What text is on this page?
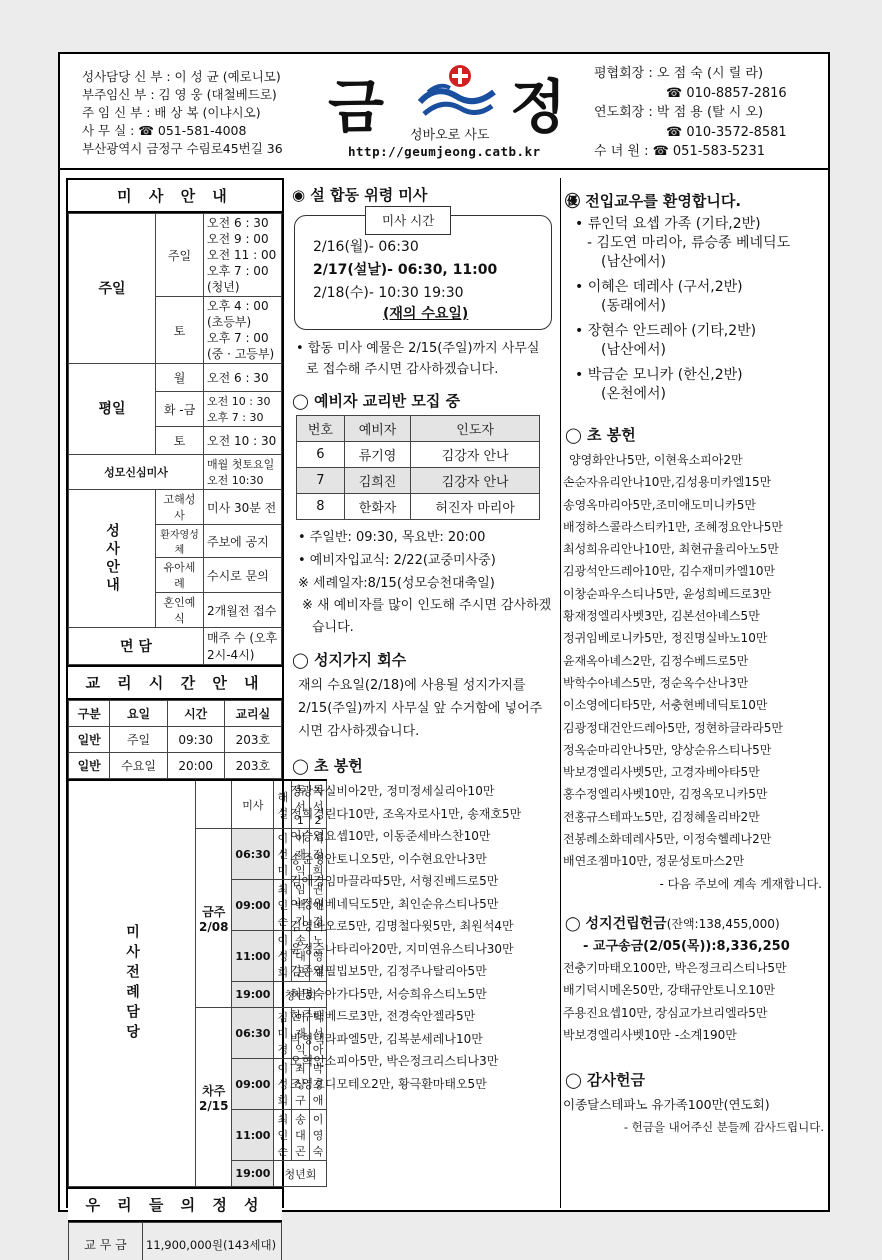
성사담당 신 부 : 이 성 균 (예로니모)
부주임신 부 : 김 영 웅 (대철베드로)
주 임 신 부 : 배 상 복 (이냐시오)
사 무 실 : ☎ 051-581-4008
부산광역시 금정구 수림로45번길 36
금 정
성바오로 사도
http://geumjeong.catb.kr
평협회장 : 오 점 숙 (시 릴 라)
☎ 010-8857-2816
연도회장 : 박 점 용 (탈 시 오)
☎ 010-3572-8581
수 녀 원 : ☎ 051-583-5231
미 사 안 내
주일	주일	오전 6 : 30
오전 9 : 00
오전 11 : 00
오후 7 : 00 (청년)

	토	오후 4 : 00 (초등부)
오후 7 : 00 (중 · 고등부)

평일	월	오전 6 : 30
	화 -금	오전 10 : 30 오후 7 : 30
	토	오전 10 : 30
성모신심미사		매월 첫토요일 오전 10:30
성사안내	고해성사	미사 30분 전
	환자영성체	주보에 공지
	유아세례	수시로 문의
	혼인예식	2개월전 접수
면 담		매주 수 (오후2시-4시)
교 리 시 간 안 내
구분	요일	시간	교리실
일반	주일	09:30	203호
일반	수요일	20:00	203호
미사전례담당		미사	해설	독서1	독서2
	금주 2/08	06:30	이선미	이재익	서정희
		09:00	최인순	임백기	권애경
		11:00	이성희	송대곤	노영재
		19:00	청년회		
	차주 2/15	06:30	김미경	이재익	박서아
		09:00	이성희	최상구	박경애
		11:00	최인순	송대곤	이영숙
		19:00	청년회		
우 리 들 의 정 성
교 무 금	11,900,000원(143세대)

◉ 설 합동 위령 미사
미사 시간
2/16(월)- 06:30
2/17(설날)- 06:30, 11:00
2/18(수)- 10:30 19:30
(재의 수요일)
• 합동 미사 예물은 2/15(주일)까지 사무실로 접수해 주시면 감사하겠습니다.
◯ 예비자 교리반 모집 중
번호	예비자	인도자
6	류기영	김강자 안나
7	김희진	김강자 안나
8	한화자	허진자 마리아
• 주일반: 09:30, 목요반: 20:00
• 예비자입교식: 2/22(교중미사중)
※ 세례일자:8/15(성모승천대축일)
※ 새 예비자를 많이 인도해 주시면 감사하겠습니다.
◯ 성지가지 회수
재의 수요일(2/18)에 사용될 성지가지를 2/15(주일)까지 사무실 앞 수거함에 넣어주시면 감사하겠습니다.
◯ 초 봉헌
정광자실비아2만, 정미정세실리아10만
정희경린다10만, 조옥자로사1만, 송재호5만
이승엽요셉10만, 이동준세바스찬10만
송준영안토니오5만, 이수현요안나3만
김애경임마끌라따5만, 서형진베드로5만
이정원베네딕도5만, 최인순유스티나5만
김영바오로5만, 김명철다윗5만, 최원석4만
윤정순나타리아20만, 지미연유스티나30만
김종열필빕보5만, 김정주나탈리아5만
허명숙아가다5만, 서승희유스티노5만
한주택베드로3만, 전경숙안젤라5만
박형택라파엘5만, 김복분세레나10만
오혁인소피아5만, 박은정크리스티나3만
조영호디모테오2만, 황극환마태오5만
㊝ 전입교우를 환영합니다.
• 류인덕 요셉 가족 (기타,2반)
- 김도연 마리아, 류승종 베네딕도
(남산에서)
• 이혜은 데레사 (구서,2반)
(동래에서)
• 장현수 안드레아 (기타,2반)
(남산에서)
• 박금순 모니카 (한신,2반)
(온천에서)
◯ 초 봉헌
양영화안나5만, 이현육소피아2만
손순자유리안나10만,김성용미카엘15만
송영옥마리아5만,조미애도미니카5만
배정하스콜라스티카1만, 조혜정요안나5만
최성희유리안나10만, 최현규율리아노5만
김광석안드레아10만, 김수재미카엘10만
이창순파우스티나5만, 윤성희베드로3만
황재정엘리사벳3만, 김본선아녜스5만
정귀임베로니카5만, 정진명실바노10만
윤재옥아녜스2만, 김정수베드로5만
박학수아녜스5만, 정순옥수산나3만
이소영에디타5만, 서충현베네딕토10만
김광정대건안드레아5만, 정현하글라라5만
정옥순마리안나5만, 양상순유스티나5만
박보경엘리사벳5만, 고경자베아타5만
홍수정엘리사벳10만, 김정옥모니카5만
전홍규스테파노5만, 김정혜올리바2만
전봉례소화데레사5만, 이정숙헬레나2만
배연조젬마10만, 정문성토마스2만
- 다음 주보에 계속 게재합니다.
◯ 성지건립헌금(잔액:138,455,000)
- 교구송금(2/05(목)):8,336,250
전충기마태오100만, 박은정크리스티나5만
배기덕시메온50만, 강태규안토니오10만
주용진요셉10만, 장심교가브리엘라5만
박보경엘리사벳10만 -소계190만
◯ 감사헌금
이종달스테파노 유가족100만(연도회)
- 헌금을 내어주신 분들께 감사드립니다.
